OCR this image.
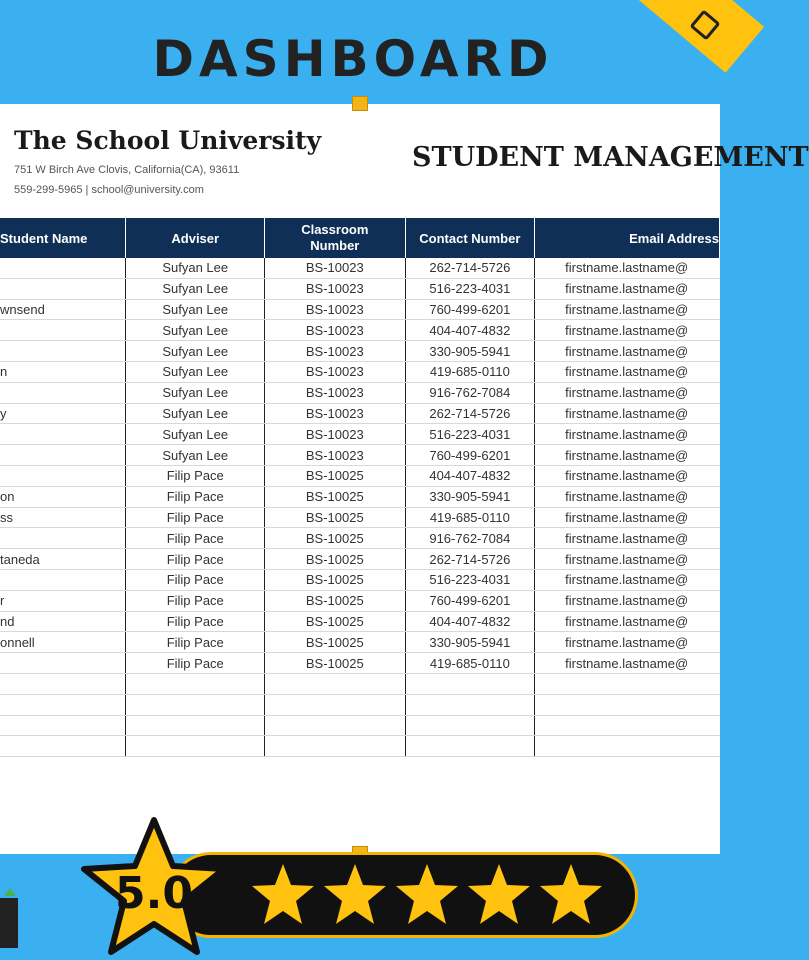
DASHBOARD
The School University
751 W Birch Ave Clovis, California(CA), 93611
559-299-5965 | school@university.com
STUDENT MANAGEMENT
Student Name	Adviser	Classroom Number	Contact Number	Email Address
	Sufyan Lee	BS-10023	262-714-5726	firstname.lastname@
	Sufyan Lee	BS-10023	516-223-4031	firstname.lastname@
wnsend	Sufyan Lee	BS-10023	760-499-6201	firstname.lastname@
	Sufyan Lee	BS-10023	404-407-4832	firstname.lastname@
	Sufyan Lee	BS-10023	330-905-5941	firstname.lastname@
n	Sufyan Lee	BS-10023	419-685-0110	firstname.lastname@
	Sufyan Lee	BS-10023	916-762-7084	firstname.lastname@
y	Sufyan Lee	BS-10023	262-714-5726	firstname.lastname@
	Sufyan Lee	BS-10023	516-223-4031	firstname.lastname@
	Sufyan Lee	BS-10023	760-499-6201	firstname.lastname@
	Filip Pace	BS-10025	404-407-4832	firstname.lastname@
on	Filip Pace	BS-10025	330-905-5941	firstname.lastname@
ss	Filip Pace	BS-10025	419-685-0110	firstname.lastname@
	Filip Pace	BS-10025	916-762-7084	firstname.lastname@
taneda	Filip Pace	BS-10025	262-714-5726	firstname.lastname@
	Filip Pace	BS-10025	516-223-4031	firstname.lastname@
r	Filip Pace	BS-10025	760-499-6201	firstname.lastname@
nd	Filip Pace	BS-10025	404-407-4832	firstname.lastname@
onnell	Filip Pace	BS-10025	330-905-5941	firstname.lastname@
	Filip Pace	BS-10025	419-685-0110	firstname.lastname@

5.0
